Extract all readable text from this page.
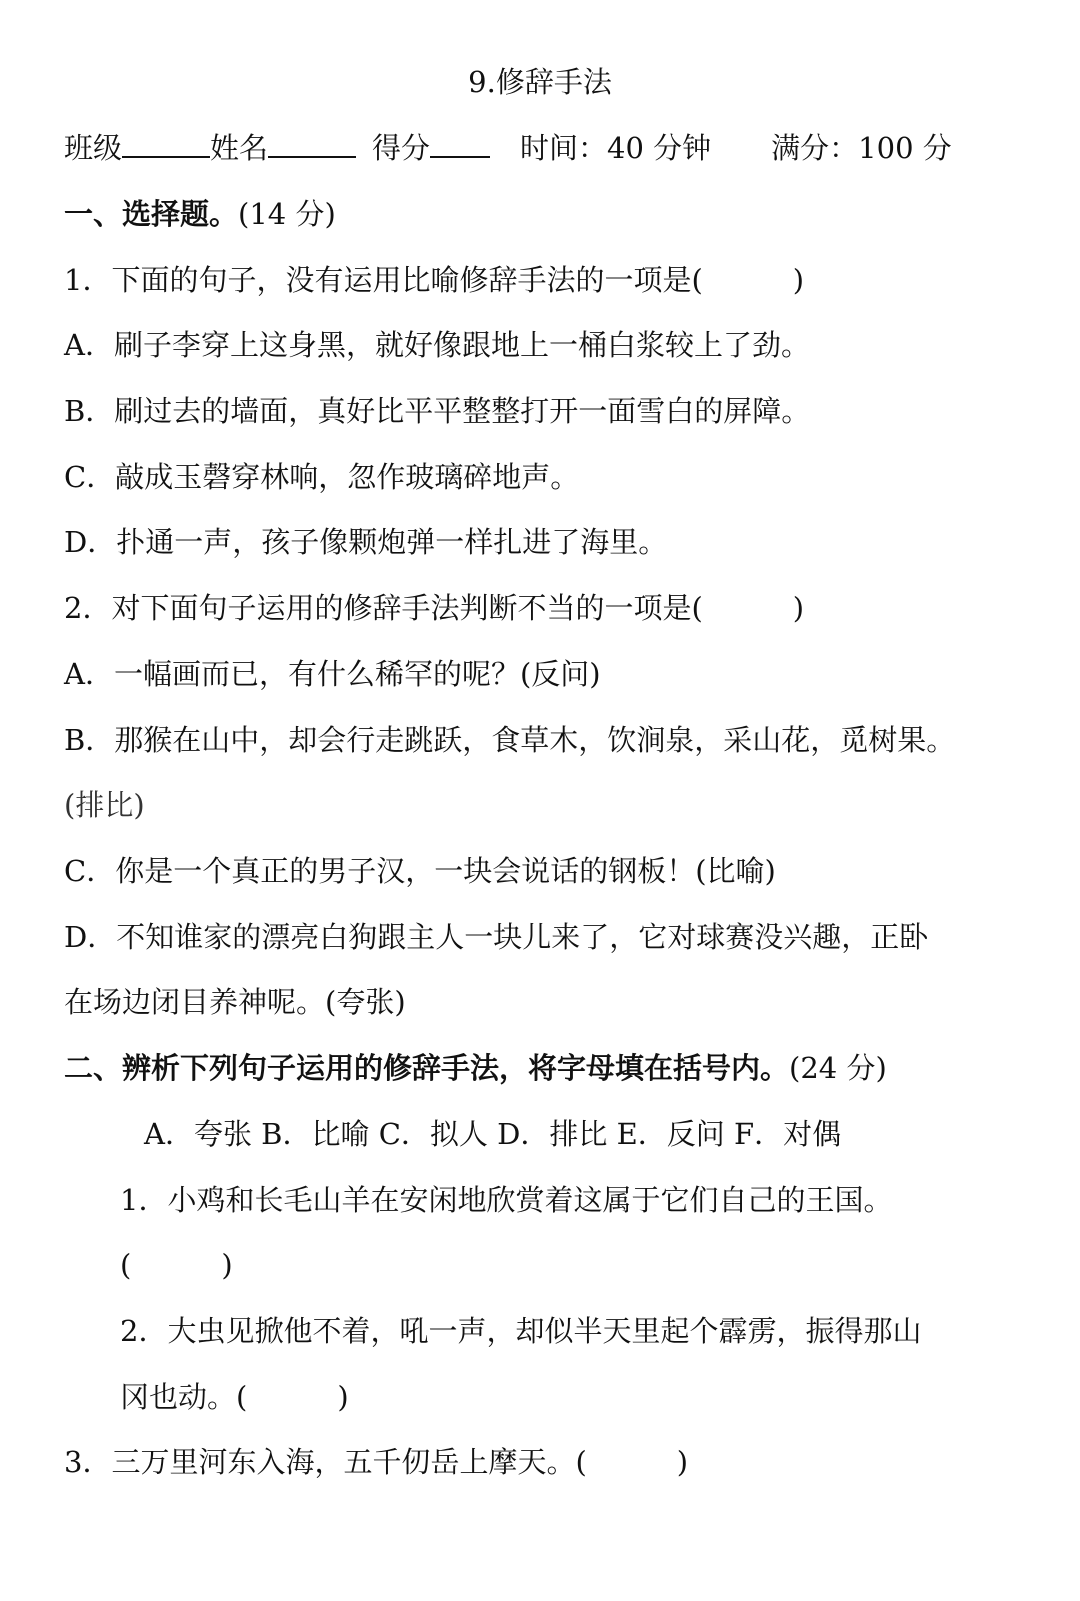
9.修辞手法
班级	姓名	得分	时间：40 分钟 满分：100 分
一、选择题。(14 分)
1．下面的句子，没有运用比喻修辞手法的一项是(	)
A．刷子李穿上这身黑，就好像跟地上一桶白浆较上了劲。
B．刷过去的墙面，真好比平平整整打开一面雪白的屏障。
C．敲成玉磬穿林响，忽作玻璃碎地声。
D．扑通一声，孩子像颗炮弹一样扎进了海里。
2．对下面句子运用的修辞手法判断不当的一项是(	)
A．一幅画而已，有什么稀罕的呢？(反问)
B．那猴在山中，却会行走跳跃，食草木，饮涧泉，采山花，觅树果。
(排比)
C．你是一个真正的男子汉，一块会说话的钢板！(比喻)
D．不知谁家的漂亮白狗跟主人一块儿来了，它对球赛没兴趣，正卧
在场边闭目养神呢。(夸张)
二、辨析下列句子运用的修辞手法，将字母填在括号内。(24 分)
A．夸张 B．比喻 C．拟人 D．排比 E．反问 F．对偶
1．小鸡和长毛山羊在安闲地欣赏着这属于它们自己的王国。
(	)
2．大虫见掀他不着，吼一声，却似半天里起个霹雳，振得那山
冈也动。(	)
3．三万里河东入海，五千仞岳上摩天。(	)
